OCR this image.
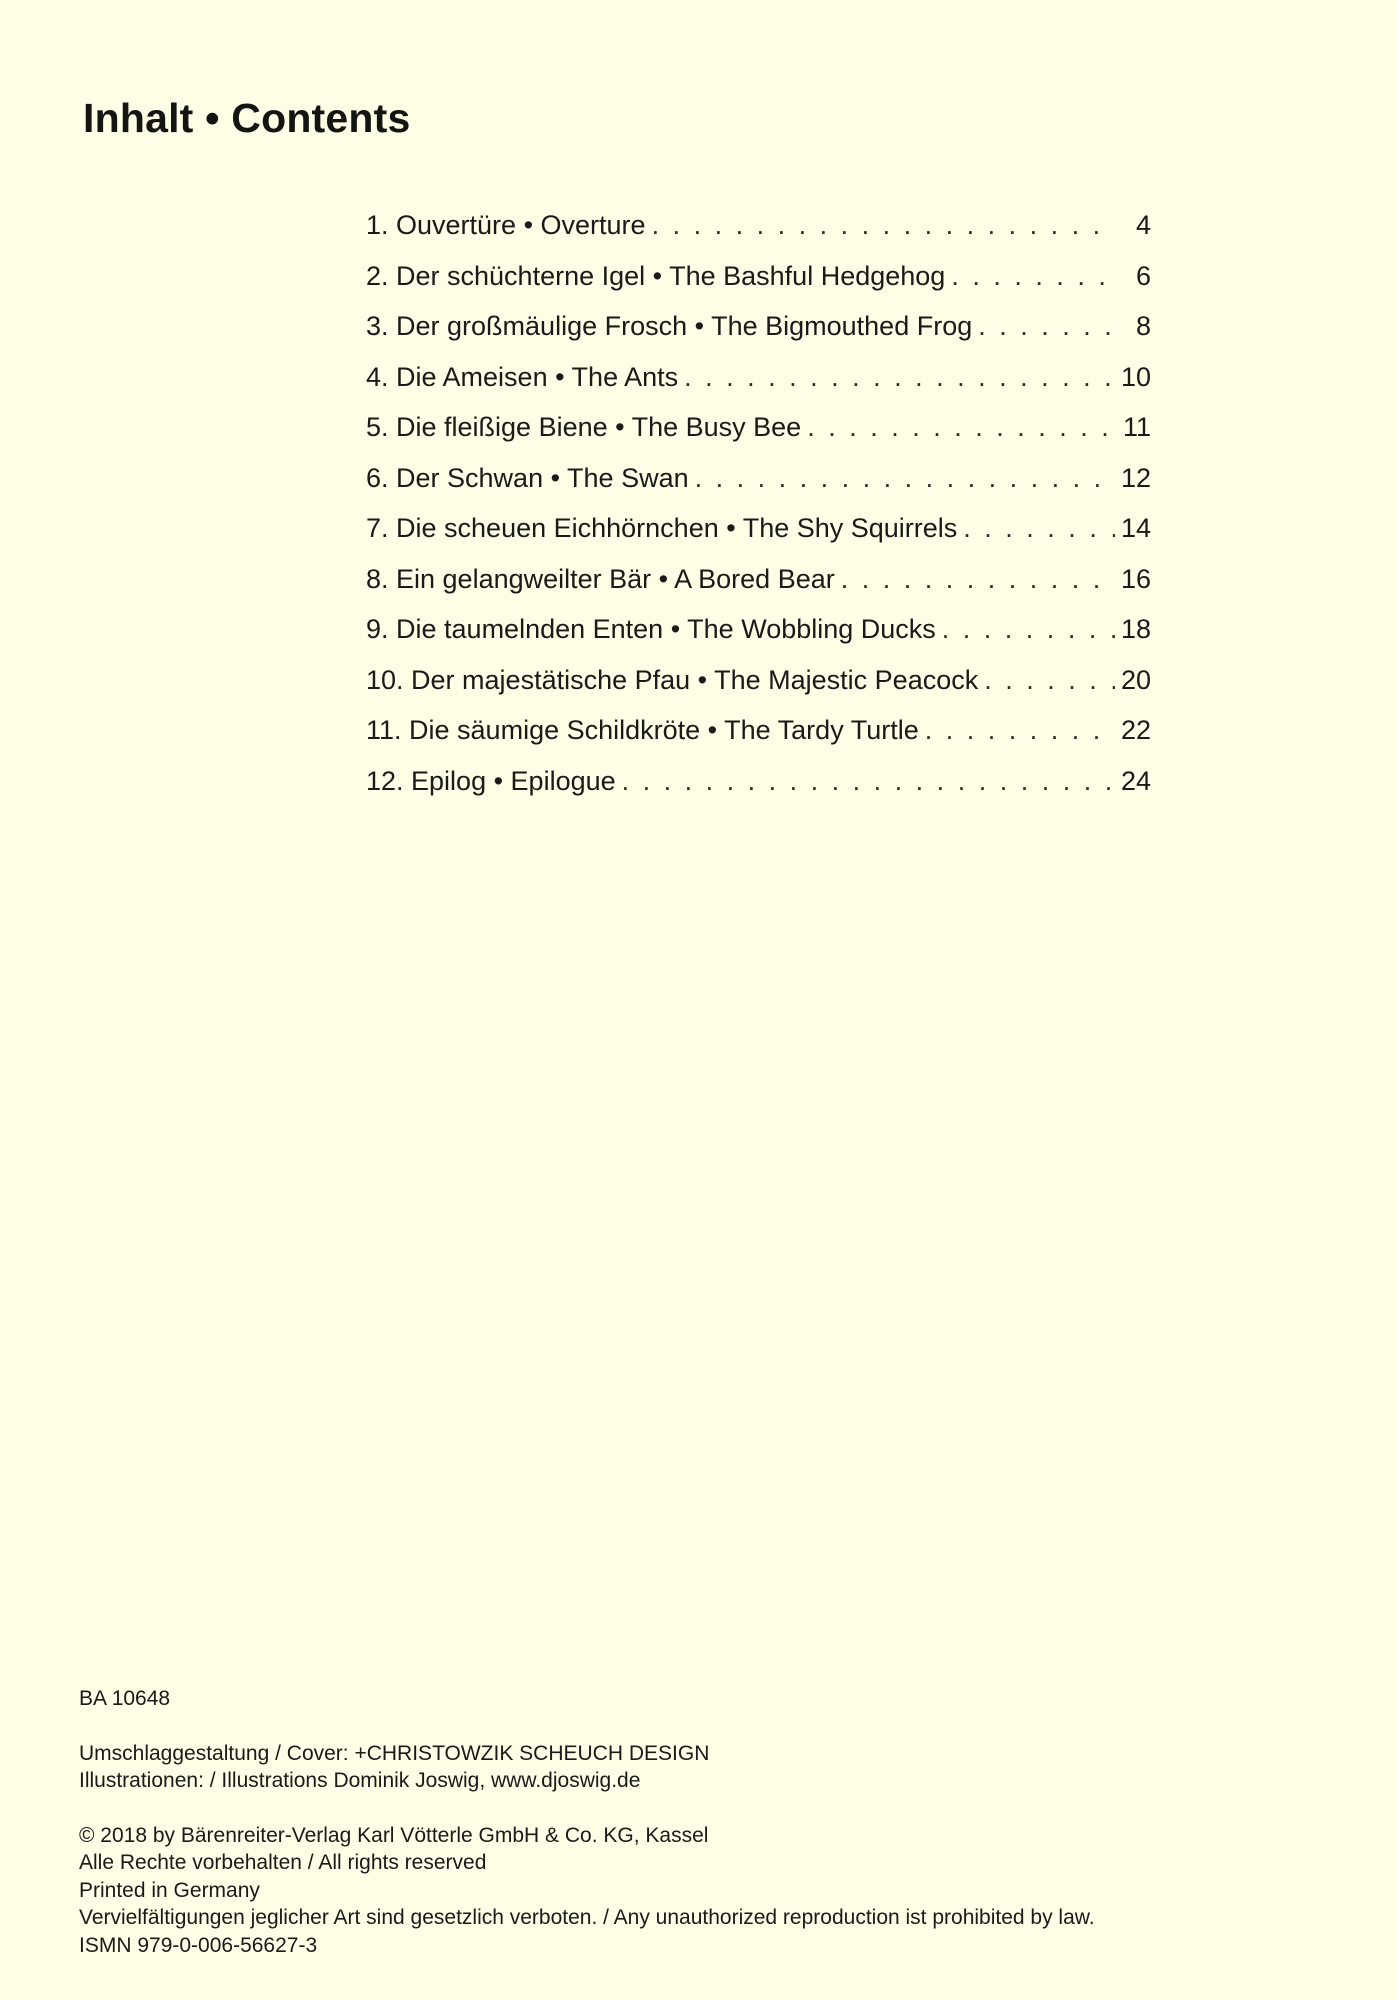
Inhalt • Contents
1. Ouvertüre • Overture . . .	4
2. Der schüchterne Igel • The Bashful Hedgehog . . .	6
3. Der großmäulige Frosch • The Bigmouthed Frog . . .	8
4. Die Ameisen • The Ants . . .	10
5. Die fleißige Biene • The Busy Bee . . .	11
6. Der Schwan • The Swan . . .	12
7. Die scheuen Eichhörnchen • The Shy Squirrels . . .	14
8. Ein gelangweilter Bär • A Bored Bear . . .	16
9. Die taumelnden Enten • The Wobbling Ducks . . .	18
10. Der majestätische Pfau • The Majestic Peacock . . .	20
11. Die säumige Schildkröte • The Tardy Turtle . . .	22
12. Epilog • Epilogue . . .	24

BA 10648

Umschlaggestaltung / Cover: +CHRISTOWZIK SCHEUCH DESIGN

Illustrationen: / Illustrations Dominik Joswig, www.djoswig.de

© 2018 by Bärenreiter-Verlag Karl Vötterle GmbH & Co. KG, Kassel

Alle Rechte vorbehalten / All rights reserved

Printed in Germany

Vervielfältigungen jeglicher Art sind gesetzlich verboten. / Any unauthorized reproduction ist prohibited by law.

ISMN 979-0-006-56627-3
